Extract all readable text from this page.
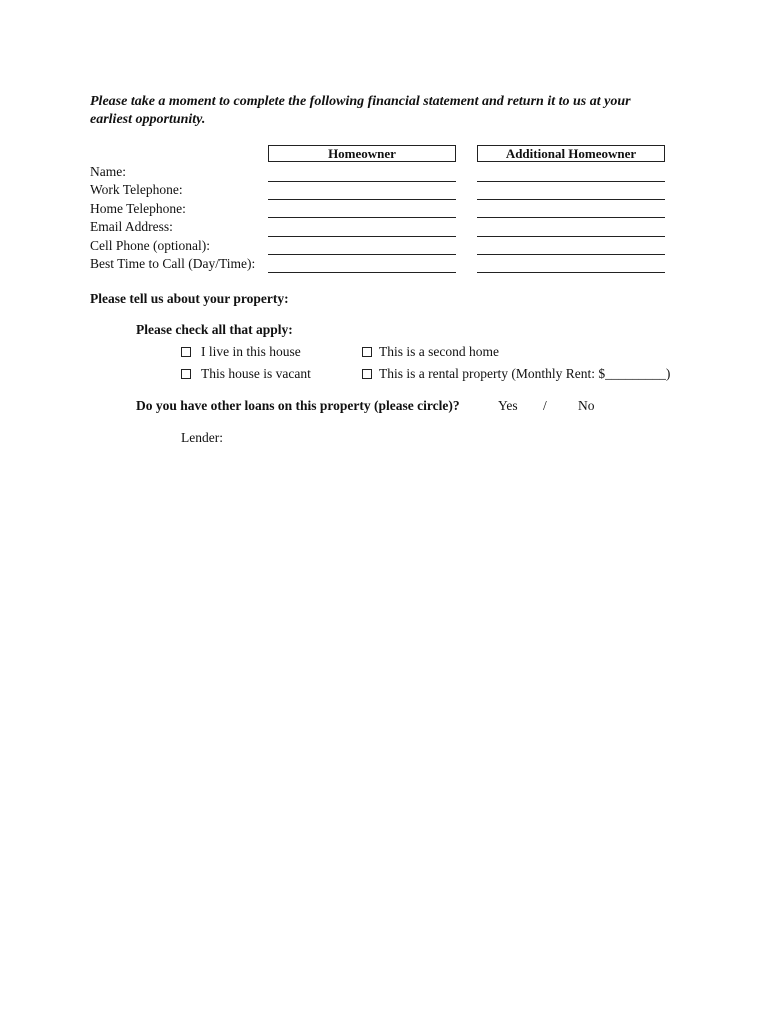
Please take a moment to complete the following financial statement and return it to us at your
earliest opportunity.

Homeowner	Additional Homeowner
Name:
Work Telephone:
Home Telephone:
Email Address:
Cell Phone (optional):
Best Time to Call (Day/Time):

Please tell us about your property:

Please check all that apply:

I live in this house	This is a second home
This house is vacant	This is a rental property (Monthly Rent: $_________)

Do you have other loans on this property (please circle)?	Yes / No
Lender:
